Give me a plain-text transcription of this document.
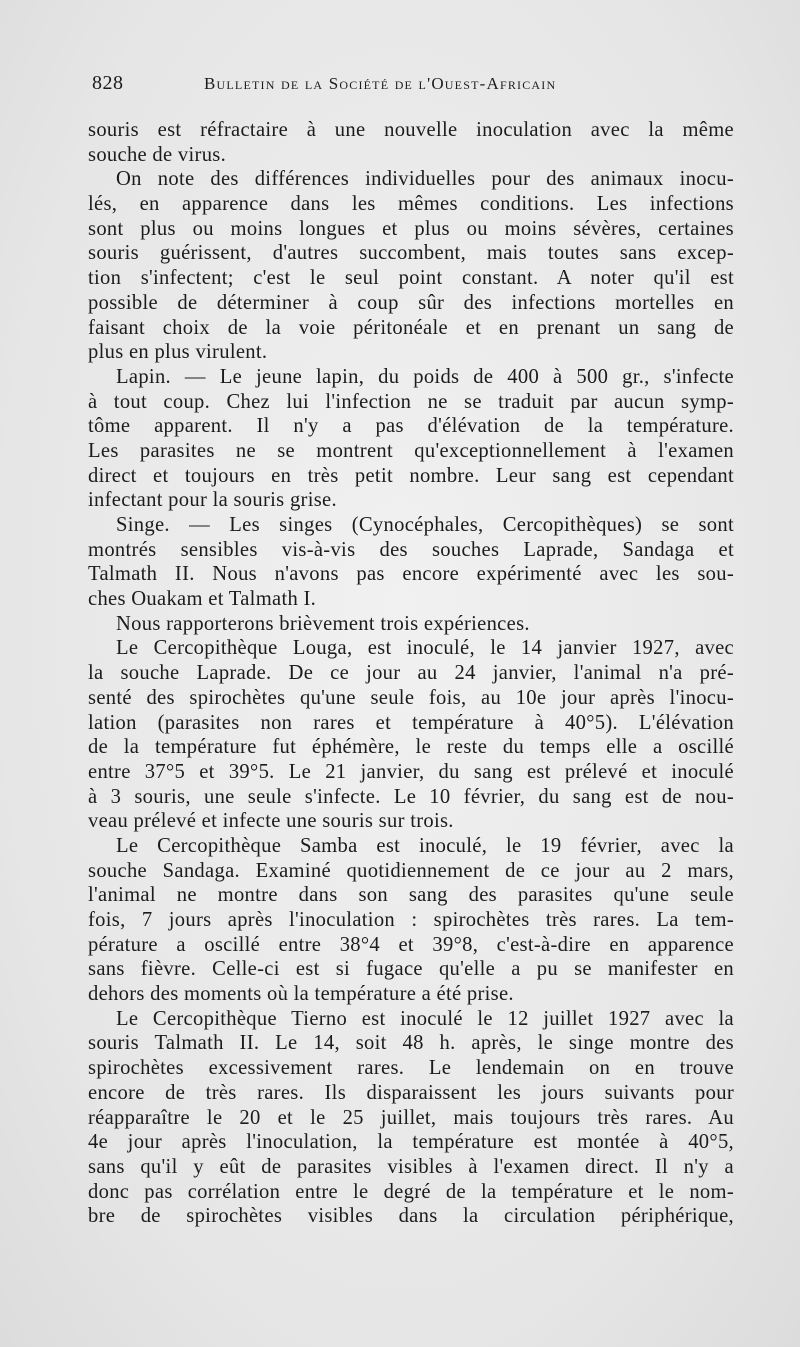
828	Bulletin de la Société de l'Ouest-Africain
souris est réfractaire à une nouvelle inoculation avec la même
souche de virus.
On note des différences individuelles pour des animaux inocu-
lés, en apparence dans les mêmes conditions. Les infections
sont plus ou moins longues et plus ou moins sévères, certaines
souris guérissent, d'autres succombent, mais toutes sans excep-
tion s'infectent; c'est le seul point constant. A noter qu'il est
possible de déterminer à coup sûr des infections mortelles en
faisant choix de la voie péritonéale et en prenant un sang de
plus en plus virulent.
Lapin. — Le jeune lapin, du poids de 400 à 500 gr., s'infecte
à tout coup. Chez lui l'infection ne se traduit par aucun symp-
tôme apparent. Il n'y a pas d'élévation de la température.
Les parasites ne se montrent qu'exceptionnellement à l'examen
direct et toujours en très petit nombre. Leur sang est cependant
infectant pour la souris grise.
Singe. — Les singes (Cynocéphales, Cercopithèques) se sont
montrés sensibles vis-à-vis des souches Laprade, Sandaga et
Talmath II. Nous n'avons pas encore expérimenté avec les sou-
ches Ouakam et Talmath I.
Nous rapporterons brièvement trois expériences.
Le Cercopithèque Louga, est inoculé, le 14 janvier 1927, avec
la souche Laprade. De ce jour au 24 janvier, l'animal n'a pré-
senté des spirochètes qu'une seule fois, au 10e jour après l'inocu-
lation (parasites non rares et température à 40°5). L'élévation
de la température fut éphémère, le reste du temps elle a oscillé
entre 37°5 et 39°5. Le 21 janvier, du sang est prélevé et inoculé
à 3 souris, une seule s'infecte. Le 10 février, du sang est de nou-
veau prélevé et infecte une souris sur trois.
Le Cercopithèque Samba est inoculé, le 19 février, avec la
souche Sandaga. Examiné quotidiennement de ce jour au 2 mars,
l'animal ne montre dans son sang des parasites qu'une seule
fois, 7 jours après l'inoculation : spirochètes très rares. La tem-
pérature a oscillé entre 38°4 et 39°8, c'est-à-dire en apparence
sans fièvre. Celle-ci est si fugace qu'elle a pu se manifester en
dehors des moments où la température a été prise.
Le Cercopithèque Tierno est inoculé le 12 juillet 1927 avec la
souris Talmath II. Le 14, soit 48 h. après, le singe montre des
spirochètes excessivement rares. Le lendemain on en trouve
encore de très rares. Ils disparaissent les jours suivants pour
réapparaître le 20 et le 25 juillet, mais toujours très rares. Au
4e jour après l'inoculation, la température est montée à 40°5,
sans qu'il y eût de parasites visibles à l'examen direct. Il n'y a
donc pas corrélation entre le degré de la température et le nom-
bre de spirochètes visibles dans la circulation périphérique,
